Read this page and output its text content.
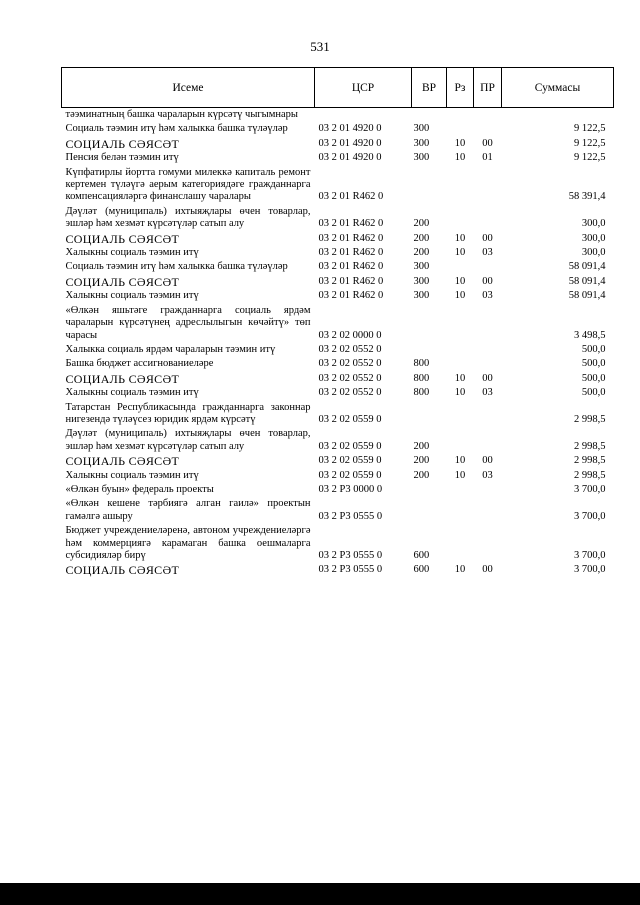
531
Исеме	ЦСР	ВР	Рз	ПР	Суммасы
тәэминатның башка чараларын күрсәтү чыгымнары					
Социаль тәэмин итү һәм халыкка башка түләүләр	03 2 01 4920 0	300			9 122,5
СОЦИАЛЬ СӘЯСӘТ	03 2 01 4920 0	300	10	00	9 122,5
Пенсия белән тәэмин итү	03 2 01 4920 0	300	10	01	9 122,5
Күпфатирлы йортта гомуми милеккә капиталь ремонт кертемен түләүгә аерым категориядәге гражданнарга компенсацияләргә финанслашу чаралары	03 2 01 R462 0				58 391,4
Дәүләт (муниципаль) ихтыяҗлары өчен товарлар, эшләр һәм хезмәт күрсәтүләр сатып алу	03 2 01 R462 0	200			300,0
СОЦИАЛЬ СӘЯСӘТ	03 2 01 R462 0	200	10	00	300,0
Халыкны социаль тәэмин итү	03 2 01 R462 0	200	10	03	300,0
Социаль тәэмин итү һәм халыкка башка түләүләр	03 2 01 R462 0	300			58 091,4
СОЦИАЛЬ СӘЯСӘТ	03 2 01 R462 0	300	10	00	58 091,4
Халыкны социаль тәэмин итү	03 2 01 R462 0	300	10	03	58 091,4
«Өлкән яшьтәге гражданнарга социаль ярдәм чараларын күрсәтүнең адреслылыгын көчәйтү» төп чарасы	03 2 02 0000 0				3 498,5
Халыкка социаль ярдәм чараларын тәэмин итү	03 2 02 0552 0				500,0
Башка бюджет ассигнованиеләре	03 2 02 0552 0	800			500,0
СОЦИАЛЬ СӘЯСӘТ	03 2 02 0552 0	800	10	00	500,0
Халыкны социаль тәэмин итү	03 2 02 0552 0	800	10	03	500,0
Татарстан Республикасында гражданнарга законнар нигезендә түләүсез юридик ярдәм күрсәтү	03 2 02 0559 0				2 998,5
Дәүләт (муниципаль) ихтыяҗлары өчен товарлар, эшләр һәм хезмәт күрсәтүләр сатып алу	03 2 02 0559 0	200			2 998,5
СОЦИАЛЬ СӘЯСӘТ	03 2 02 0559 0	200	10	00	2 998,5
Халыкны социаль тәэмин итү	03 2 02 0559 0	200	10	03	2 998,5
«Өлкән буын» федераль проекты	03 2 P3 0000 0				3 700,0
«Өлкән кешене тәрбиягә алган гаилә» проектын гамәлгә ашыру	03 2 P3 0555 0				3 700,0
Бюджет учреждениеләренә, автоном учреждениеләргә һәм коммерциягә карамаган башка оешмаларга субсидияләр бирү	03 2 P3 0555 0	600			3 700,0
СОЦИАЛЬ СӘЯСӘТ	03 2 P3 0555 0	600	10	00	3 700,0
